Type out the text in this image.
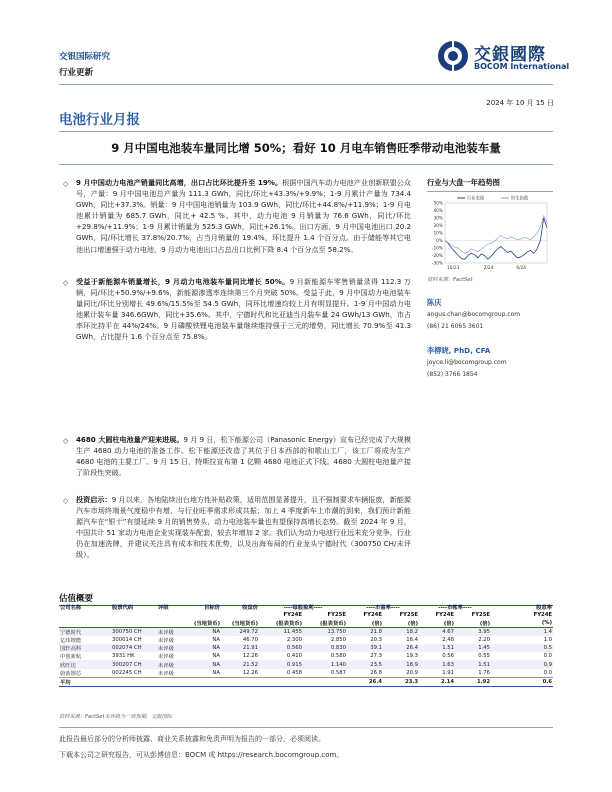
交银国际研究
行业更新
交銀國際
BOCOM International
2024 年 10 月 15 日
电池行业月报
9 月中国电池装车量同比增 50%；看好 10 月电车销售旺季带动电池装车量
◇ 9 月中国动力电池产销量同比高增，出口占比环比提升至 19%。根据中国汽车动力电池产业创新联盟公众号，产量：9 月中国电池总产量为 111.3 GWh，同比/环比+43.3%/+9.9%；1-9 月累计产量为 734.4 GWh，同比+37.3%。销量：9 月中国电池销量为 103.9 GWh，同比/环比+44.8%/+11.9%；1-9 月电池累计销量为 685.7 GWh，同比+ 42.5 %。其中，动力电池 9 月销量为 76.6 GWh，同比/环比+29.8%/+11.9%；1-9 月累计销量为 525.3 GWh，同比+26.1%。出口方面，9 月中国电池出口 20.2 GWh，同/环比增长 37.8%/20.7%，占当月销量的 19.4%，环比提升 1.4 个百分点。由于储能等其它电池出口增速强于动力电池，9 月动力电池出口占总出口比例下降 8.4 个百分点至 58.2%。
◇ 受益于新能源车销量增长，9 月动力电池装车量同比增长 50%。9 月新能源车零售销量录得 112.3 万辆，同/环比+50.9%/+9.6%，新能源渗透率连续第三个月突破 50%。受益于此，9 月中国动力电池装车量同比/环比分别增长 49.6%/15.5%至 54.5 GWh，同环比增速均较上月有明显提升。1-9 月中国动力电池累计装车量 346.6GWh，同比+35.6%。其中，宁德时代和比亚迪当月装车量 24 GWh/13 GWh，市占率环比持平在 44%/24%。9 月磷酸铁锂电池装车量继续维持强于三元的增势，同比增长 70.9%至 41.3 GWh，占比提升 1.6 个百分点至 75.8%。
◇ 4680 大圆柱电池量产迎来进展。9 月 9 日，松下能源公司（Panasonic Energy）宣布已经完成了大规模生产 4680 动力电池的准备工作。松下能源还改造了其位于日本西部的和歌山工厂，该工厂将成为生产 4680 电池的主要工厂。9 月 15 日，特斯拉宣布第 1 亿颗 4680 电池正式下线。4680 大圆柱电池量产接了阶段性突破。
◇ 投资启示：9 月以来，各地陆续出台地方性补贴政策，适用范围显著提升，且不强制要求车辆报废，新能源汽车市场终端景气度稳中有增，与行业旺季需求形成共振；加上 4 季度新车上市潮的到来，我们预计新能源汽车在“银十”有望延续 9 月的销售势头，动力电池装车量也有望保持高增长态势。截至 2024 年 9 月，中国共计 51 家动力电池企业实现装车配套，较去年增加 2 家。我们认为动力电池行业远未充分竞争，行业仍在加速洗牌，并建议关注具有成本和技术优势，以及出海布局的行业龙头宁德时代（300750 CH/未评级）。
行业与大盘一年趋势图
50%
40%
30%
20%
10%
0%
-10%
-20%
-30%
10/23	2/24	6/24
行业表现	恒生指数
资料来源：FactSet
陈庆
angus.chan@bocomgroup.com
(86) 21 6065 3601
李柳晓, PhD, CFA
joyce.li@bocomgroup.com
(852) 3766 1854
估值概要
公司名称	股票代码	评级	目标价	收盘价	----每股盈利----		----市盈率----		----市帐率----		股息率
					FY24E	FY25E	FY24E	FY25E	FY24E	FY25E	FY24E
			(当地货币)	(当地货币)	(报表货币)	(报表货币)	(倍)	(倍)	(倍)	(倍)	(%)
宁德时代	300750 CH	未评级	NA	249.72	11.455	13.750	21.8	18.2	4.67	3.95	1.4
亿纬锂能	300014 CH	未评级	NA	46.70	2.300	2.850	20.3	16.4	2.48	2.20	1.0
国轩高科	002074 CH	未评级	NA	21.91	0.560	0.830	39.1	26.4	1.51	1.45	0.5
中创新航	3931 HK	未评级	NA	12.26	0.410	0.580	27.3	19.3	0.56	0.55	0.0
欣旺达	300207 CH	未评级	NA	21.52	0.915	1.140	23.5	18.9	1.63	1.51	0.9
蔚蓝锂芯	002245 CH	未评级	NA	12.26	0.458	0.587	26.8	20.9	1.91	1.76	0.0
平均							26.4	23.3	2.14	1.92	0.6
资料来源：FactSet未评级为一致预期，交银国际
此报告最后部分的分析师披露、商业关系披露和免责声明为报告的一部分，必须阅读。
下载本公司之研究报告，可从彭博信息：BOCM 或 https://research.bocomgroup.com。
